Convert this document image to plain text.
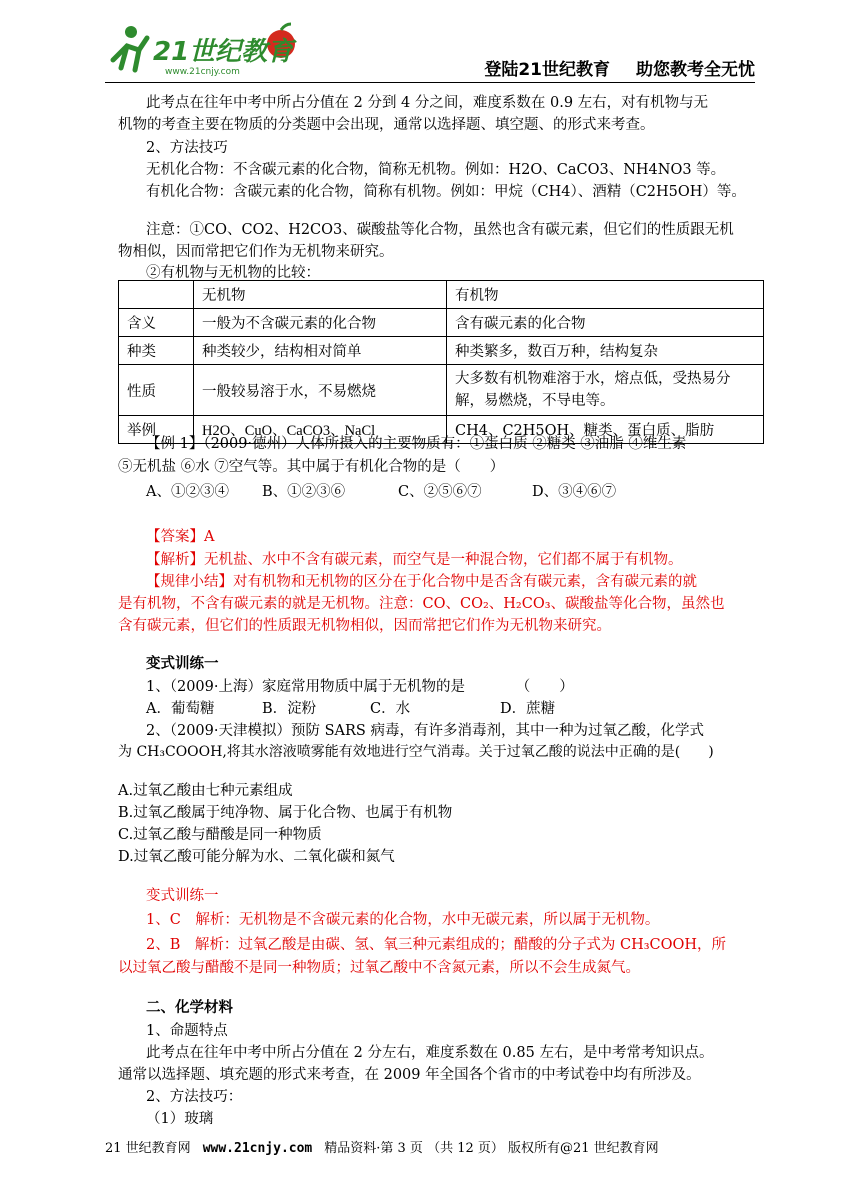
21世纪教育
www.21cnjy.com	登陆21世纪教育 助您教考全无忧
此考点在往年中考中所占分值在 2 分到 4 分之间，难度系数在 0.9 左右，对有机物与无
机物的考查主要在物质的分类题中会出现，通常以选择题、填空题、的形式来考查。
2、方法技巧
无机化合物：不含碳元素的化合物，简称无机物。例如：H2O、CaCO3、NH4NO3 等。
有机化合物：含碳元素的化合物，简称有机物。例如：甲烷（CH4）、酒精（C2H5OH）等。
注意：①CO、CO2、H2CO3、碳酸盐等化合物，虽然也含有碳元素，但它们的性质跟无机
物相似，因而常把它们作为无机物来研究。
②有机物与无机物的比较：
	无机物	有机物
含义	一般为不含碳元素的化合物	含有碳元素的化合物
种类	种类较少，结构相对简单	种类繁多，数百万种，结构复杂
性质	一般较易溶于水，不易燃烧	大多数有机物难溶于水，熔点低，受热易分解，易燃烧，不导电等。
举例	H2O、CuO、CaCO3、NaCl	CH4、C2H5OH、糖类、蛋白质、脂肪
【例 1】（2009·德州）人体所摄入的主要物质有：①蛋白质 ②糖类 ③油脂 ④维生素
⑤无机盐 ⑥水 ⑦空气等。其中属于有机化合物的是（　　）
A、①②③④ B、①②③⑥	C、②⑤⑥⑦	D、③④⑥⑦
【答案】A
【解析】无机盐、水中不含有碳元素，而空气是一种混合物，它们都不属于有机物。
【规律小结】对有机物和无机物的区分在于化合物中是否含有碳元素，含有碳元素的就
是有机物，不含有碳元素的就是无机物。注意：CO、CO₂、H₂CO₃、碳酸盐等化合物，虽然也
含有碳元素，但它们的性质跟无机物相似，因而常把它们作为无机物来研究。
变式训练一
1、（2009·上海）家庭常用物质中属于无机物的是　　　　（　　）
A．葡萄糖	B．淀粉	C．水	D．蔗糖
2、（2009·天津模拟）预防 SARS 病毒，有许多消毒剂，其中一种为过氧乙酸，化学式
为 CH₃COOOH,将其水溶液喷雾能有效地进行空气消毒。关于过氧乙酸的说法中正确的是(　　)
A.过氧乙酸由七种元素组成
B.过氧乙酸属于纯净物、属于化合物、也属于有机物
C.过氧乙酸与醋酸是同一种物质
D.过氧乙酸可能分解为水、二氧化碳和氮气
变式训练一
1、C　解析：无机物是不含碳元素的化合物，水中无碳元素，所以属于无机物。
2、B　解析：过氧乙酸是由碳、氢、氧三种元素组成的；醋酸的分子式为 CH₃COOH，所
以过氧乙酸与醋酸不是同一种物质；过氧乙酸中不含氮元素，所以不会生成氮气。
二、化学材料
1、命题特点
此考点在往年中考中所占分值在 2 分左右，难度系数在 0.85 左右，是中考常考知识点。
通常以选择题、填充题的形式来考查，在 2009 年全国各个省市的中考试卷中均有所涉及。
2、方法技巧：
（1）玻璃
21 世纪教育网 www.21cnjy.com 精品资料·第 3 页 （共 12 页） 版权所有@21 世纪教育网
